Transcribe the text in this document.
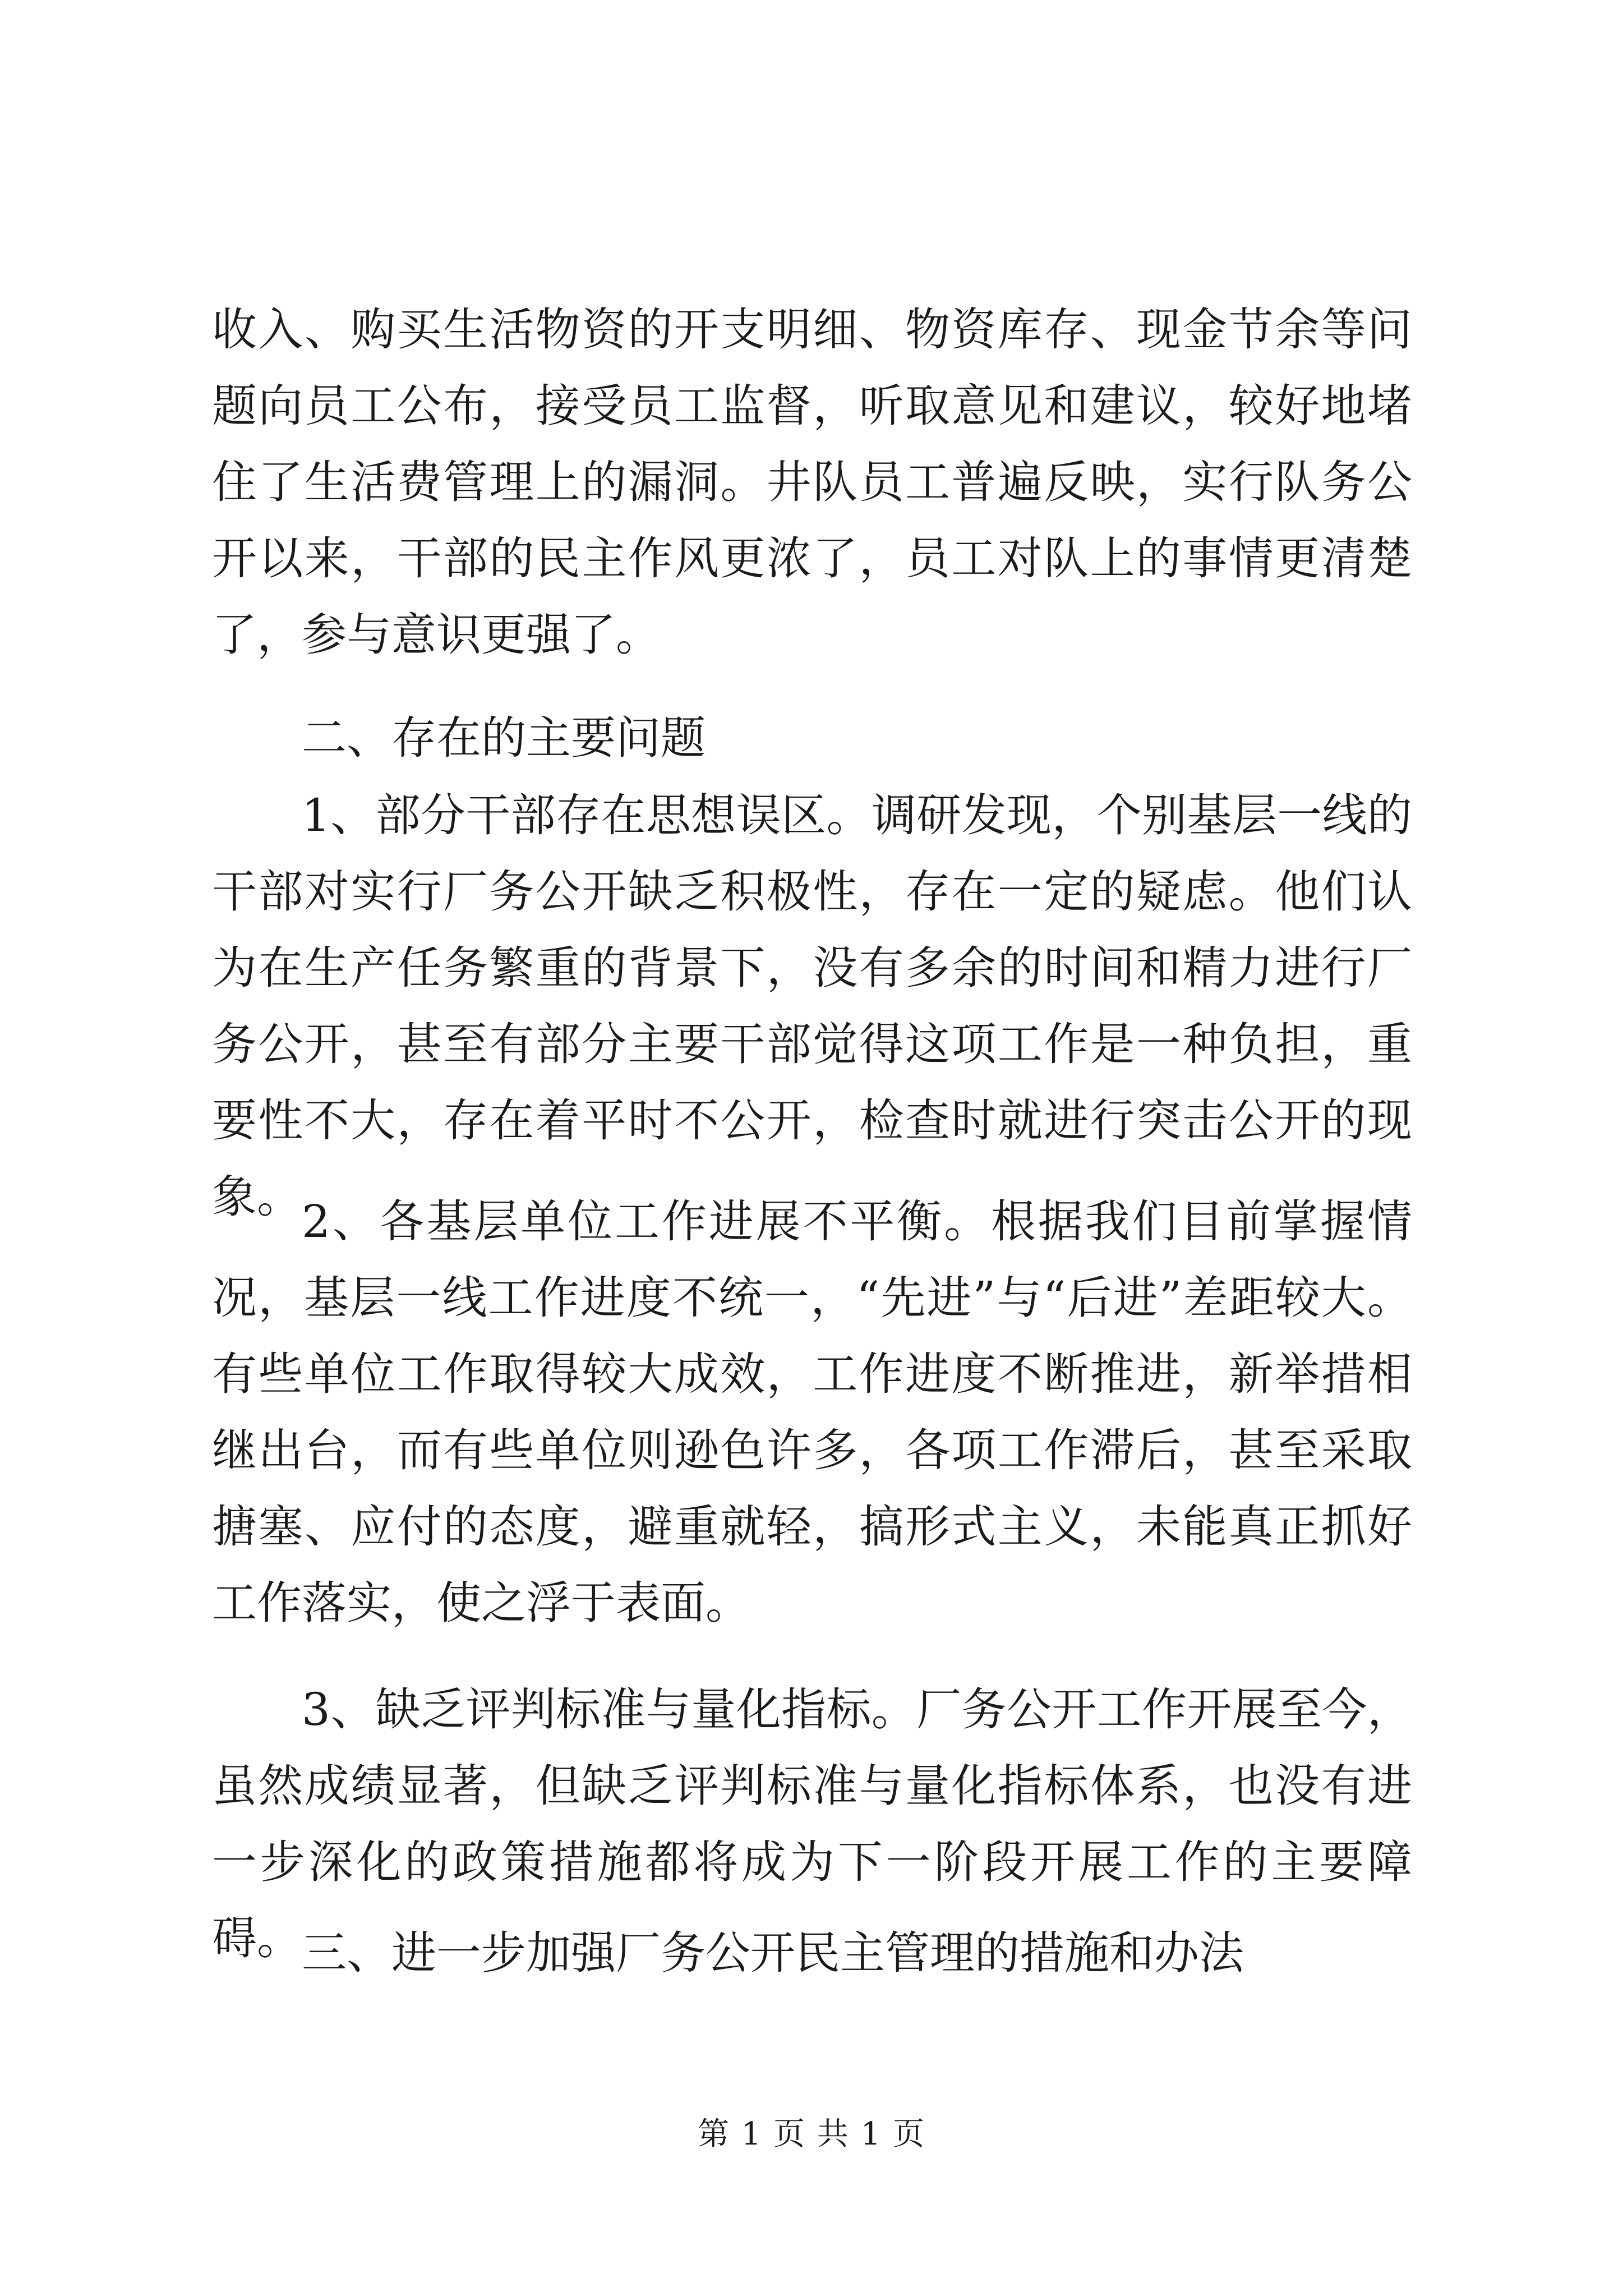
收入、购买生活物资的开支明细、物资库存、现金节余等问题向员工公布，接受员工监督，听取意见和建议，较好地堵住了生活费管理上的漏洞。井队员工普遍反映，实行队务公开以来，干部的民主作风更浓了，员工对队上的事情更清楚了，参与意识更强了。

二、存在的主要问题

1、部分干部存在思想误区。调研发现，个别基层一线的干部对实行厂务公开缺乏积极性，存在一定的疑虑。他们认为在生产任务繁重的背景下，没有多余的时间和精力进行厂务公开，甚至有部分主要干部觉得这项工作是一种负担，重要性不大，存在着平时不公开，检查时就进行突击公开的现象。 2、各基层单位工作进展不平衡。根据我们目前掌握情况，基层一线工作进度不统一，“先进”与“后进”差距较大。有些单位工作取得较大成效，工作进度不断推进，新举措相继出台，而有些单位则逊色许多，各项工作滞后，甚至采取搪塞、应付的态度，避重就轻，搞形式主义，未能真正抓好工作落实，使之浮于表面。

3、缺乏评判标准与量化指标。厂务公开工作开展至今，虽然成绩显著，但缺乏评判标准与量化指标体系，也没有进一步深化的政策措施都将成为下一阶段开展工作的主要障碍。 三、进一步加强厂务公开民主管理的措施和办法

第 1 页 共 1 页
